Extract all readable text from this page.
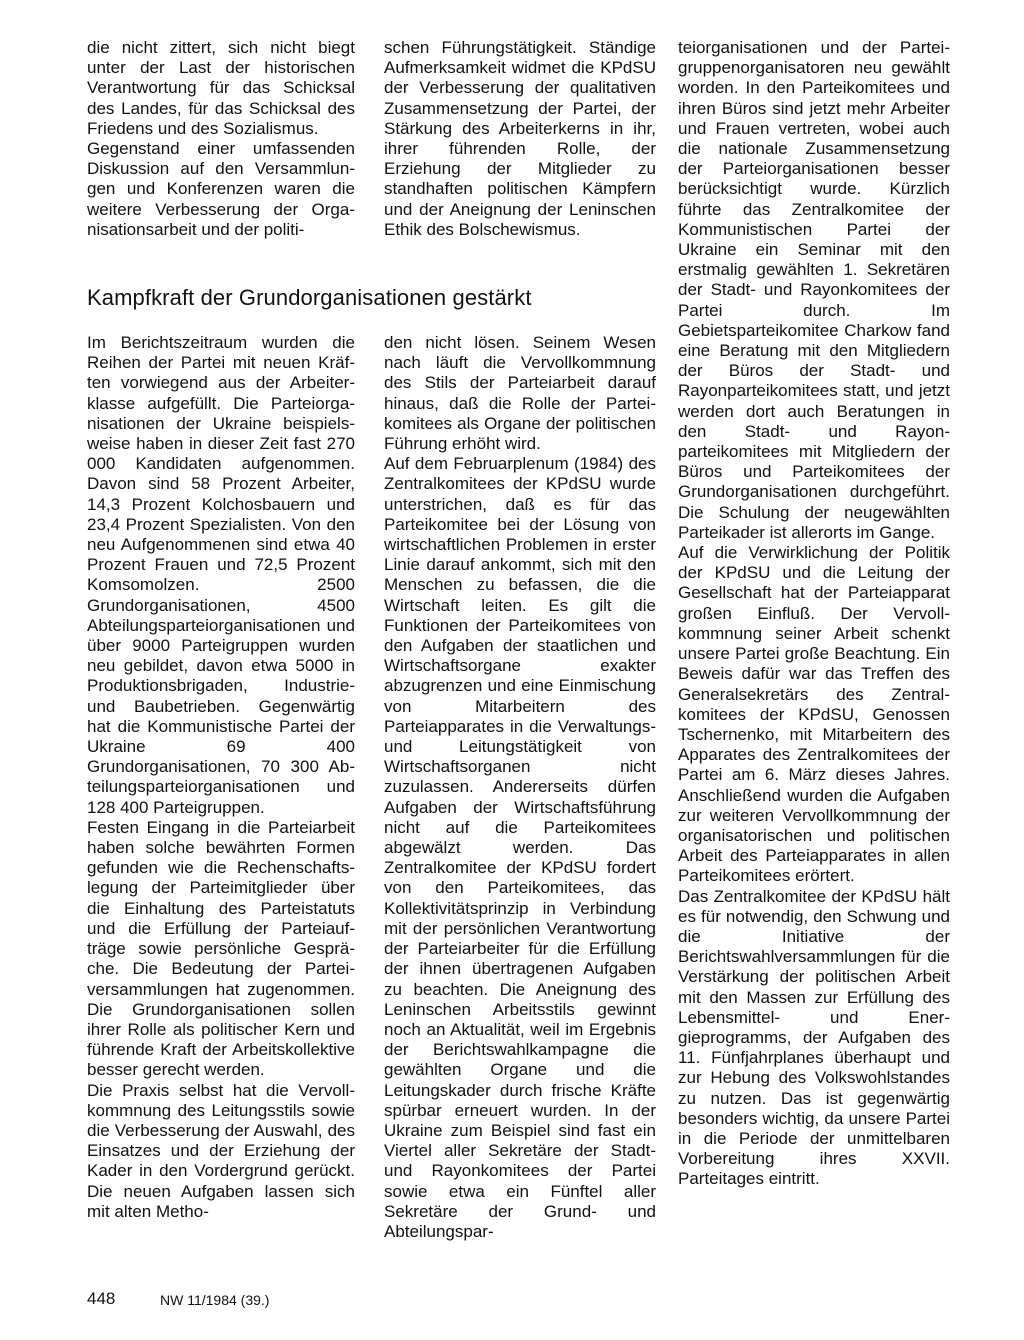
die nicht zittert, sich nicht biegt unter der Last der historischen Verantwortung für das Schicksal des Landes, für das Schicksal des Friedens und des Sozialismus.

Gegenstand einer umfassenden Diskussion auf den Versammlungen und Konferenzen waren die weitere Verbesserung der Organisationsarbeit und der politi-

schen Führungstätigkeit. Ständige Aufmerksamkeit widmet die KPdSU der Verbesserung der qualitativen Zusammensetzung der Partei, der Stärkung des Arbeiterkerns in ihr, ihrer führenden Rolle, der Erziehung der Mitglieder zu standhaften politischen Kämpfern und der Aneignung der Leninschen Ethik des Bolschewismus.

Kampfkraft der Grundorganisationen gestärkt

Im Berichtszeitraum wurden die Reihen der Partei mit neuen Kräften vorwiegend aus der Arbeiterklasse aufgefüllt. Die Parteiorganisationen der Ukraine beispielsweise haben in dieser Zeit fast 270 000 Kandidaten aufgenommen. Davon sind 58 Prozent Arbeiter, 14,3 Prozent Kolchosbauern und 23,4 Prozent Spezialisten. Von den neu Aufgenommenen sind etwa 40 Prozent Frauen und 72,5 Prozent Komsomolzen. 2500 Grundorganisationen, 4500 Abteilungsparteiorganisationen und über 9000 Parteigruppen wurden neu gebildet, davon etwa 5000 in Produktionsbrigaden, Industrie- und Baubetrieben. Gegenwärtig hat die Kommunistische Partei der Ukraine 69 400 Grundorganisationen, 70 300 Abteilungsparteiorganisationen und 128 400 Parteigruppen.

Festen Eingang in die Parteiarbeit haben solche bewährten Formen gefunden wie die Rechenschaftslegung der Parteimitglieder über die Einhaltung des Parteistatuts und die Erfüllung der Parteiaufträge sowie persönliche Gespräche. Die Bedeutung der Parteiversammlungen hat zugenommen. Die Grundorganisationen sollen ihrer Rolle als politischer Kern und führende Kraft der Arbeitskollektive besser gerecht werden.

Die Praxis selbst hat die Vervollkommnung des Leitungsstils sowie die Verbesserung der Auswahl, des Einsatzes und der Erziehung der Kader in den Vordergrund gerückt. Die neuen Aufgaben lassen sich mit alten Metho-

den nicht lösen. Seinem Wesen nach läuft die Vervollkommnung des Stils der Parteiarbeit darauf hinaus, daß die Rolle der Parteikomitees als Organe der politischen Führung erhöht wird.

Auf dem Februarplenum (1984) des Zentralkomitees der KPdSU wurde unterstrichen, daß es für das Parteikomitee bei der Lösung von wirtschaftlichen Problemen in erster Linie darauf ankommt, sich mit den Menschen zu befassen, die die Wirtschaft leiten. Es gilt die Funktionen der Parteikomitees von den Aufgaben der staatlichen und Wirtschaftsorgane exakter abzugrenzen und eine Einmischung von Mitarbeitern des Parteiapparates in die Verwaltungs- und Leitungstätigkeit von Wirtschaftsorganen nicht zuzulassen. Andererseits dürfen Aufgaben der Wirtschaftsführung nicht auf die Parteikomitees abgewälzt werden. Das Zentralkomitee der KPdSU fordert von den Parteikomitees, das Kollektivitätsprinzip in Verbindung mit der persönlichen Verantwortung der Parteiarbeiter für die Erfüllung der ihnen übertragenen Aufgaben zu beachten. Die Aneignung des Leninschen Arbeitsstils gewinnt noch an Aktualität, weil im Ergebnis der Berichtswahlkampagne die gewählten Organe und die Leitungskader durch frische Kräfte spürbar erneuert wurden. In der Ukraine zum Beispiel sind fast ein Viertel aller Sekretäre der Stadt- und Rayonkomitees der Partei sowie etwa ein Fünftel aller Sekretäre der Grund- und Abteilungspar-

teiorganisationen und der Parteigruppenorganisatoren neu gewählt worden. In den Parteikomitees und ihren Büros sind jetzt mehr Arbeiter und Frauen vertreten, wobei auch die nationale Zusammensetzung der Parteiorganisationen besser berücksichtigt wurde. Kürzlich führte das Zentralkomitee der Kommunistischen Partei der Ukraine ein Seminar mit den erstmalig gewählten 1. Sekretären der Stadt- und Rayonkomitees der Partei durch. Im Gebietsparteikomitee Charkow fand eine Beratung mit den Mitgliedern der Büros der Stadt- und Rayonparteikomitees statt, und jetzt werden dort auch Beratungen in den Stadt- und Rayonparteikomitees mit Mitgliedern der Büros und Parteikomitees der Grundorganisationen durchgeführt. Die Schulung der neugewählten Parteikader ist allerorts im Gange.

Auf die Verwirklichung der Politik der KPdSU und die Leitung der Gesellschaft hat der Parteiapparat großen Einfluß. Der Vervollkommnung seiner Arbeit schenkt unsere Partei große Beachtung. Ein Beweis dafür war das Treffen des Generalsekretärs des Zentralkomitees der KPdSU, Genossen Tschernenko, mit Mitarbeitern des Apparates des Zentralkomitees der Partei am 6. März dieses Jahres. Anschließend wurden die Aufgaben zur weiteren Vervollkommnung der organisatorischen und politischen Arbeit des Parteiapparates in allen Parteikomitees erörtert.

Das Zentralkomitee der KPdSU hält es für notwendig, den Schwung und die Initiative der Berichtswahlversammlungen für die Verstärkung der politischen Arbeit mit den Massen zur Erfüllung des Lebensmittel- und Energieprogramms, der Aufgaben des 11. Fünfjahrplanes überhaupt und zur Hebung des Volkswohlstandes zu nutzen. Das ist gegenwärtig besonders wichtig, da unsere Partei in die Periode der unmittelbaren Vorbereitung ihres XXVII. Parteitages eintritt.

448	NW 11/1984 (39.)
